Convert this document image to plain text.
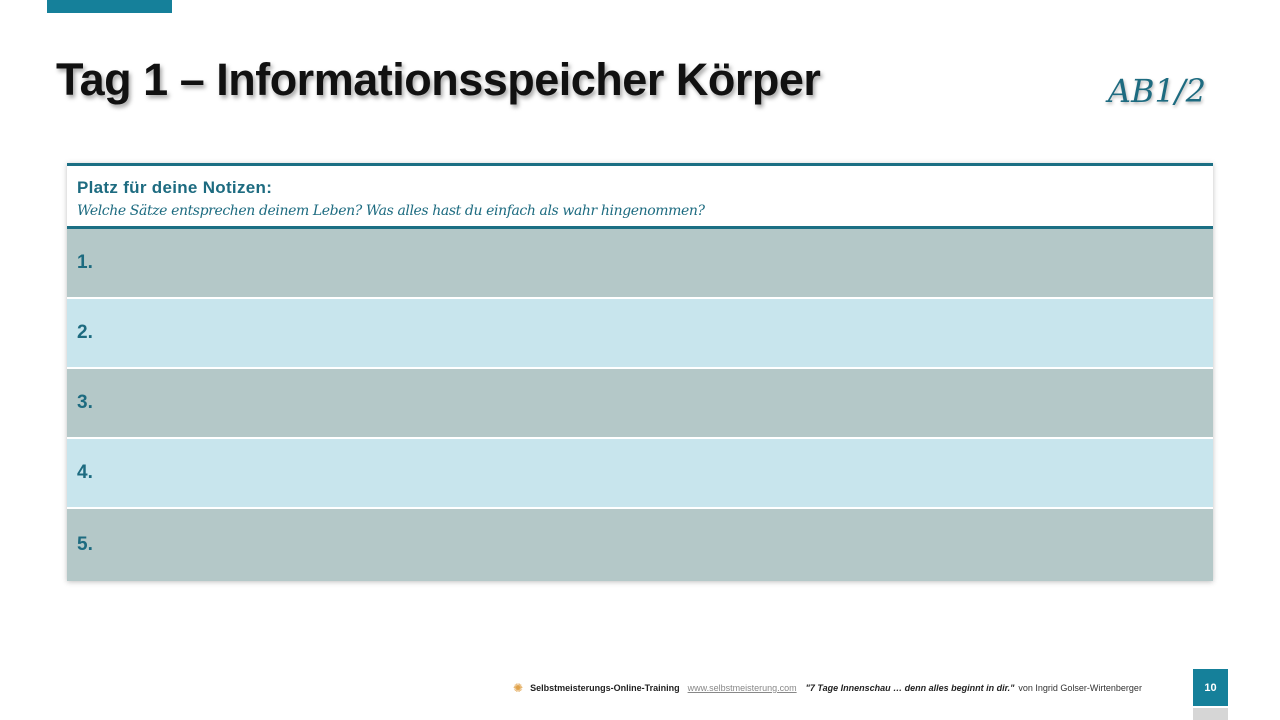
Tag 1 – Informationsspeicher Körper	AB1/2
Platz für deine Notizen:
Welche Sätze entsprechen deinem Leben? Was alles hast du einfach als wahr hingenommen?
1.
2.
3.
4.
5.
✺ Selbstmeisterungs-Online-Training www.selbstmeisterung.com "7 Tage Innenschau … denn alles beginnt in dir." von Ingrid Golser-Wirtenberger	10
